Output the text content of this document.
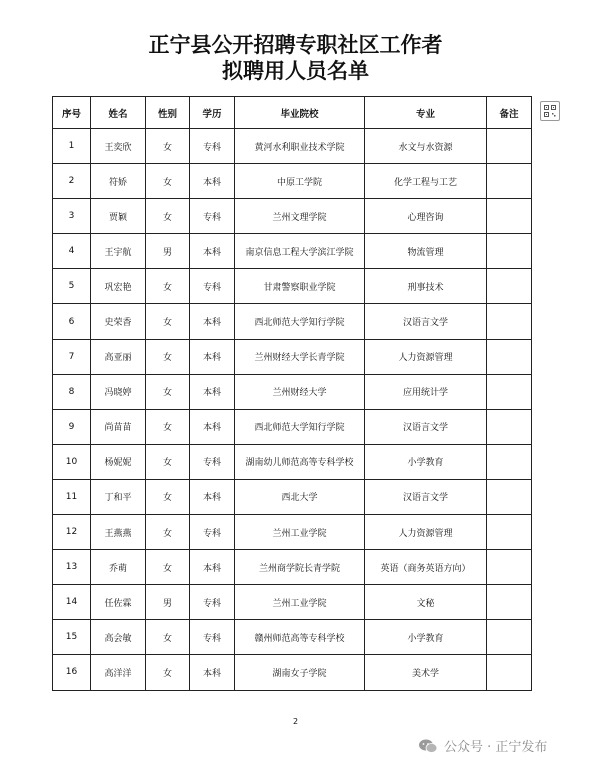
正宁县公开招聘专职社区工作者
拟聘用人员名单
序号	姓名	性别	学历	毕业院校	专业	备注
1	王奕欣	女	专科	黄河水利职业技术学院	水文与水资源	
2	符娇	女	本科	中原工学院	化学工程与工艺	
3	贾颖	女	专科	兰州文理学院	心理咨询	
4	王宇航	男	本科	南京信息工程大学滨江学院	物流管理	
5	巩宏艳	女	专科	甘肃警察职业学院	刑事技术	
6	史荣香	女	本科	西北师范大学知行学院	汉语言文学	
7	高亚丽	女	本科	兰州财经大学长青学院	人力资源管理	
8	冯晓婷	女	本科	兰州财经大学	应用统计学	
9	尚苗苗	女	本科	西北师范大学知行学院	汉语言文学	
10	杨妮妮	女	专科	湖南幼儿师范高等专科学校	小学教育	
11	丁和平	女	本科	西北大学	汉语言文学	
12	王燕燕	女	专科	兰州工业学院	人力资源管理	
13	乔萌	女	本科	兰州商学院长青学院	英语（商务英语方向）	
14	任佐霖	男	专科	兰州工业学院	文秘	
15	高会敏	女	专科	赣州师范高等专科学校	小学教育	
16	高洋洋	女	本科	湖南女子学院	美术学	
2
公众号 · 正宁发布
